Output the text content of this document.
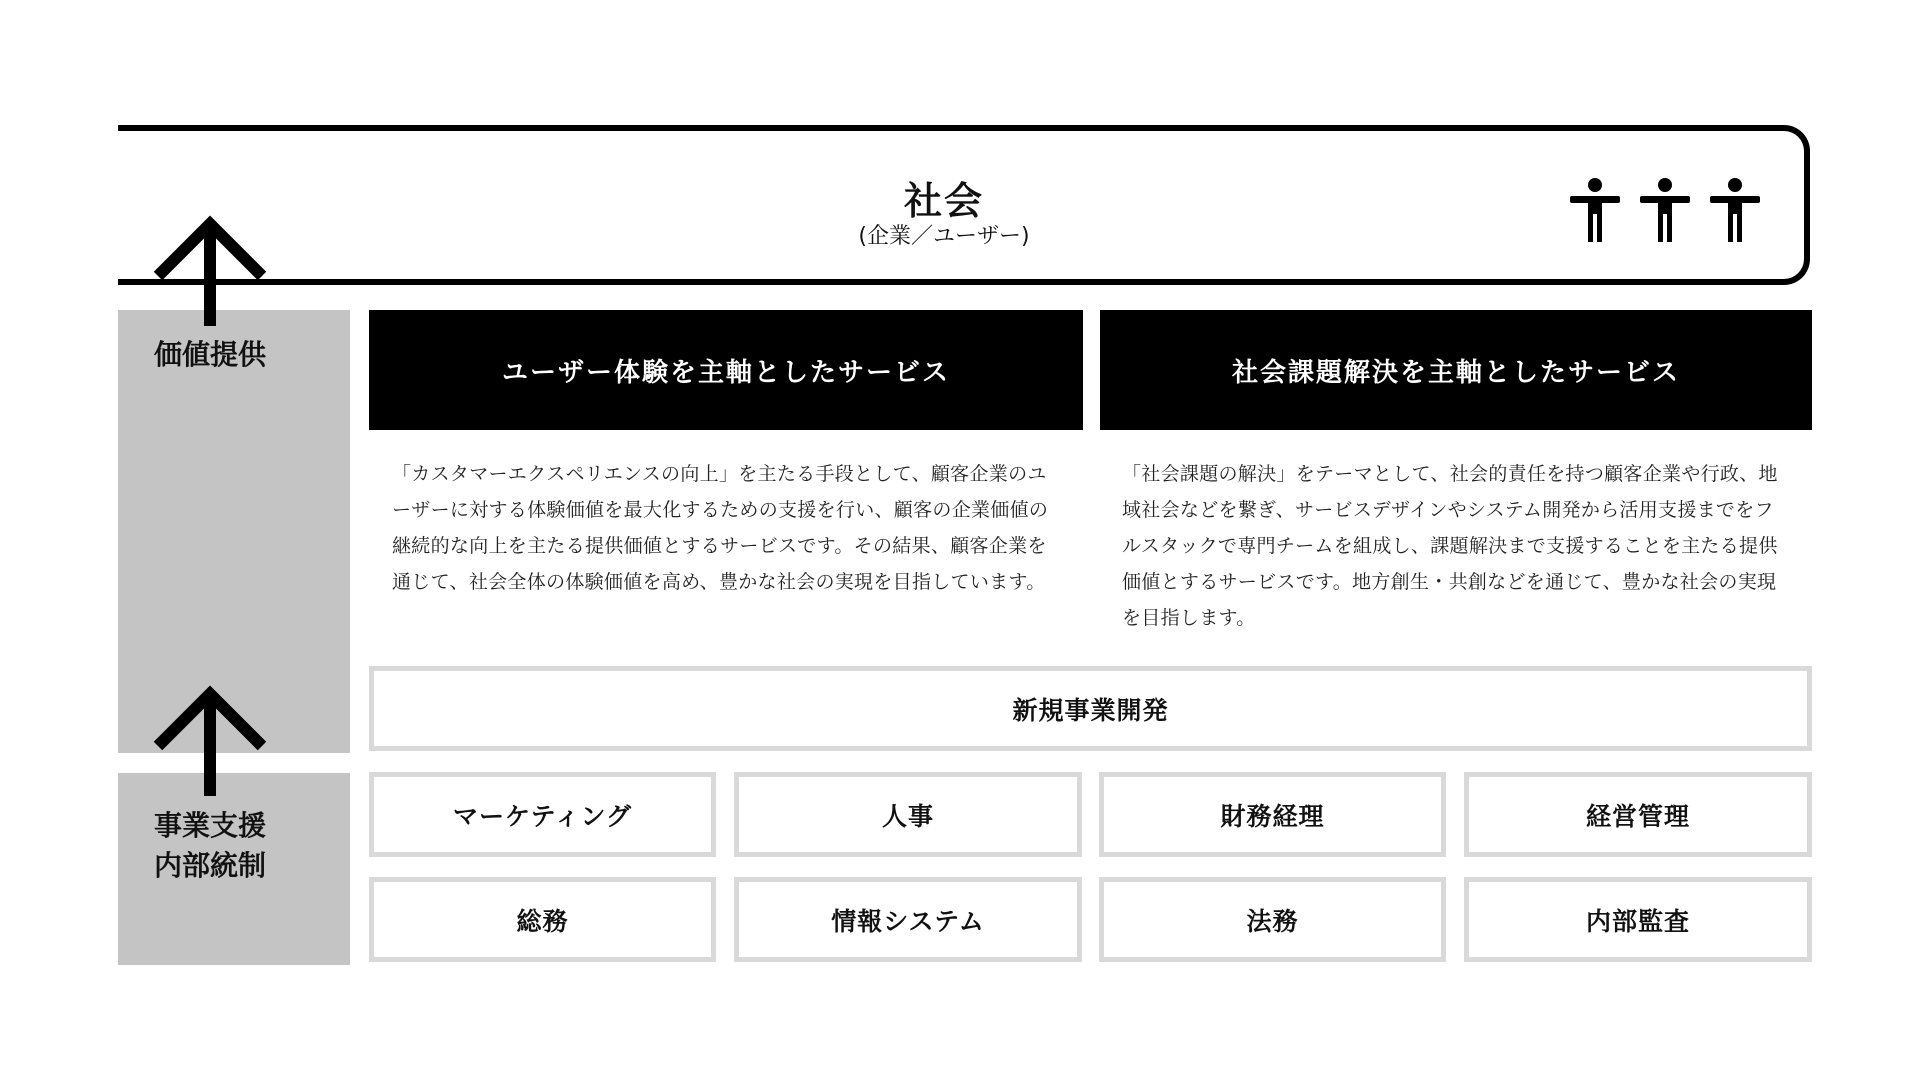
社会
(企業／ユーザー)
価値提供
事業支援
内部統制
ユーザー体験を主軸としたサービス	社会課題解決を主軸としたサービス
「カスタマーエクスペリエンスの向上」を主たる手段として、顧客企業のユーザーに対する体験価値を最大化するための支援を行い、顧客の企業価値の継続的な向上を主たる提供価値とするサービスです。その結果、顧客企業を通じて、社会全体の体験価値を高め、豊かな社会の実現を目指しています。
「社会課題の解決」をテーマとして、社会的責任を持つ顧客企業や行政、地域社会などを繋ぎ、サービスデザインやシステム開発から活用支援までをフルスタックで専門チームを組成し、課題解決まで支援することを主たる提供価値とするサービスです。地方創生・共創などを通じて、豊かな社会の実現を目指します。
新規事業開発
マーケティング	人事	財務経理	経営管理
総務	情報システム	法務	内部監査
